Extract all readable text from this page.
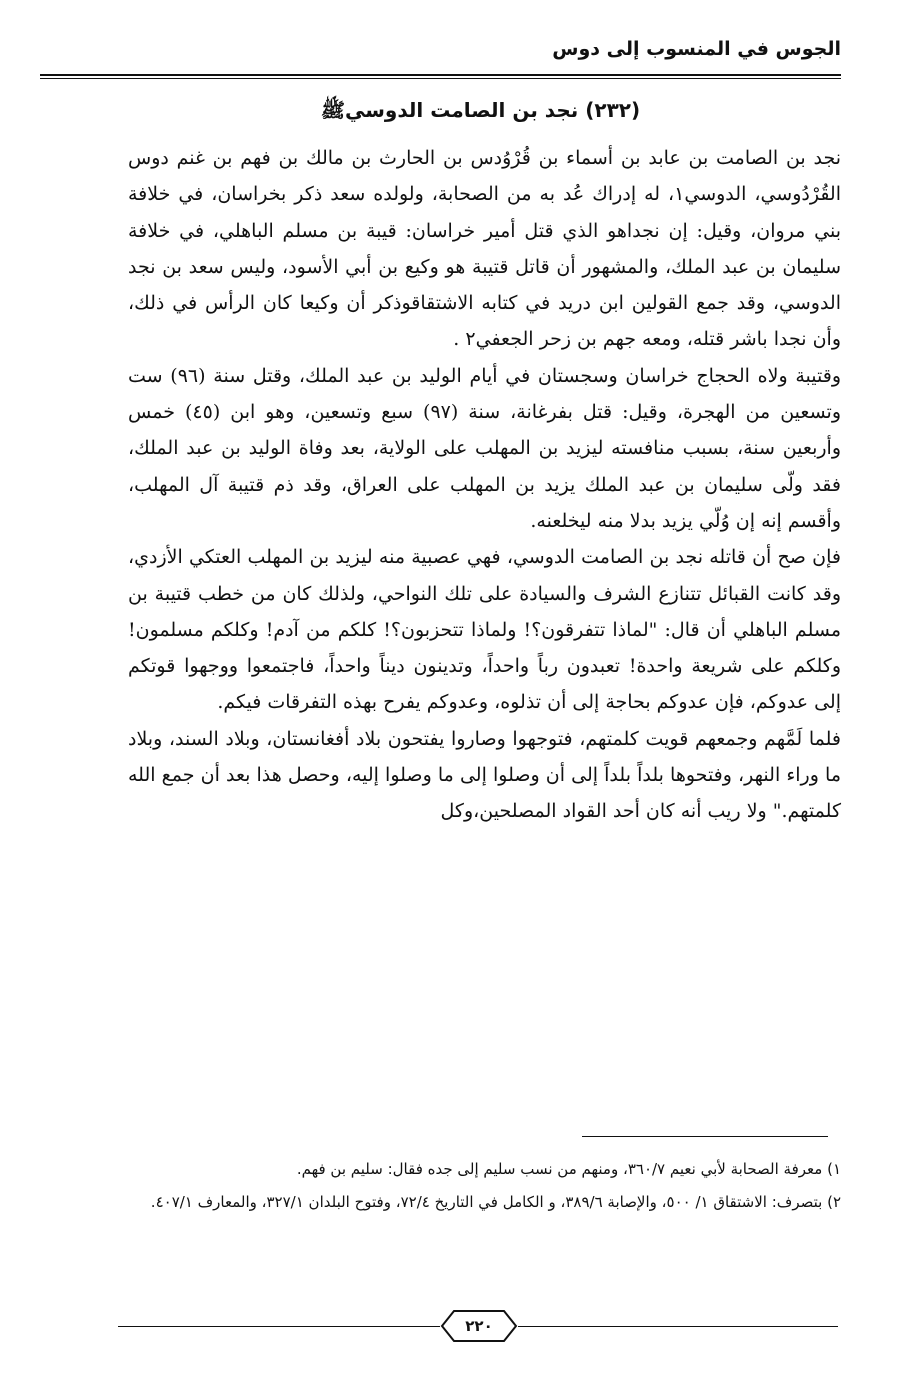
الجوس في المنسوب إلى دوس
(٢٣٢) نجد بن الصامت الدوسيﷺ

نجد بن الصامت بن عابد بن أسماء بن قُرْوُدس بن الحارث بن مالك بن فهم بن غنم دوس القُرْدُوسي، الدوسي١، له إدراك عُد به من الصحابة، ولولده سعد ذكر بخراسان، في خلافة بني مروان، وقيل: إن نجداهو الذي قتل أمير خراسان: قيبة بن مسلم الباهلي، في خلافة سليمان بن عبد الملك، والمشهور أن قاتل قتيبة هو وكيع بن أبي الأسود، وليس سعد بن نجد الدوسي، وقد جمع القولين ابن دريد في كتابه الاشتقاقوذكر أن وكيعا كان الرأس في ذلك، وأن نجدا باشر قتله، ومعه جهم بن زحر الجعفي٢ .

وقتيبة ولاه الحجاج خراسان وسجستان في أيام الوليد بن عبد الملك، وقتل سنة (٩٦) ست وتسعين من الهجرة، وقيل: قتل بفرغانة، سنة (٩٧) سبع وتسعين، وهو ابن (٤٥) خمس وأربعين سنة، بسبب منافسته ليزيد بن المهلب على الولاية، بعد وفاة الوليد بن عبد الملك، فقد ولّى سليمان بن عبد الملك يزيد بن المهلب على العراق، وقد ذم قتيبة آل المهلب، وأقسم إنه إن وُلّي يزيد بدلا منه ليخلعنه.

فإن صح أن قاتله نجد بن الصامت الدوسي، فهي عصبية منه ليزيد بن المهلب العتكي الأزدي، وقد كانت القبائل تتنازع الشرف والسيادة على تلك النواحي، ولذلك كان من خطب قتيبة بن مسلم الباهلي أن قال: "لماذا تتفرقون؟! ولماذا تتحزبون؟! كلكم من آدم! وكلكم مسلمون! وكلكم على شريعة واحدة! تعبدون رباً واحداً، وتدينون ديناً واحداً، فاجتمعوا ووجهوا قوتكم إلى عدوكم، فإن عدوكم بحاجة إلى أن تذلوه، وعدوكم يفرح بهذه التفرقات فيكم.

فلما لَمَّهم وجمعهم قويت كلمتهم، فتوجهوا وصاروا يفتحون بلاد أفغانستان، وبلاد السند، وبلاد ما وراء النهر، وفتحوها بلداً بلداً إلى أن وصلوا إلى ما وصلوا إليه، وحصل هذا بعد أن جمع الله كلمتهم." ولا ريب أنه كان أحد القواد المصلحين،وكل

١) معرفة الصحابة لأبي نعيم ٣٦٠/٧، ومنهم من نسب سليم إلى جده فقال: سليم بن فهم.

٢) بتصرف: الاشتقاق ١/ ٥٠٠، والإصابة ٣٨٩/٦، و الكامل في التاريخ ٧٢/٤، وفتوح البلدان ٣٢٧/١، والمعارف ٤٠٧/١.

٢٢٠
